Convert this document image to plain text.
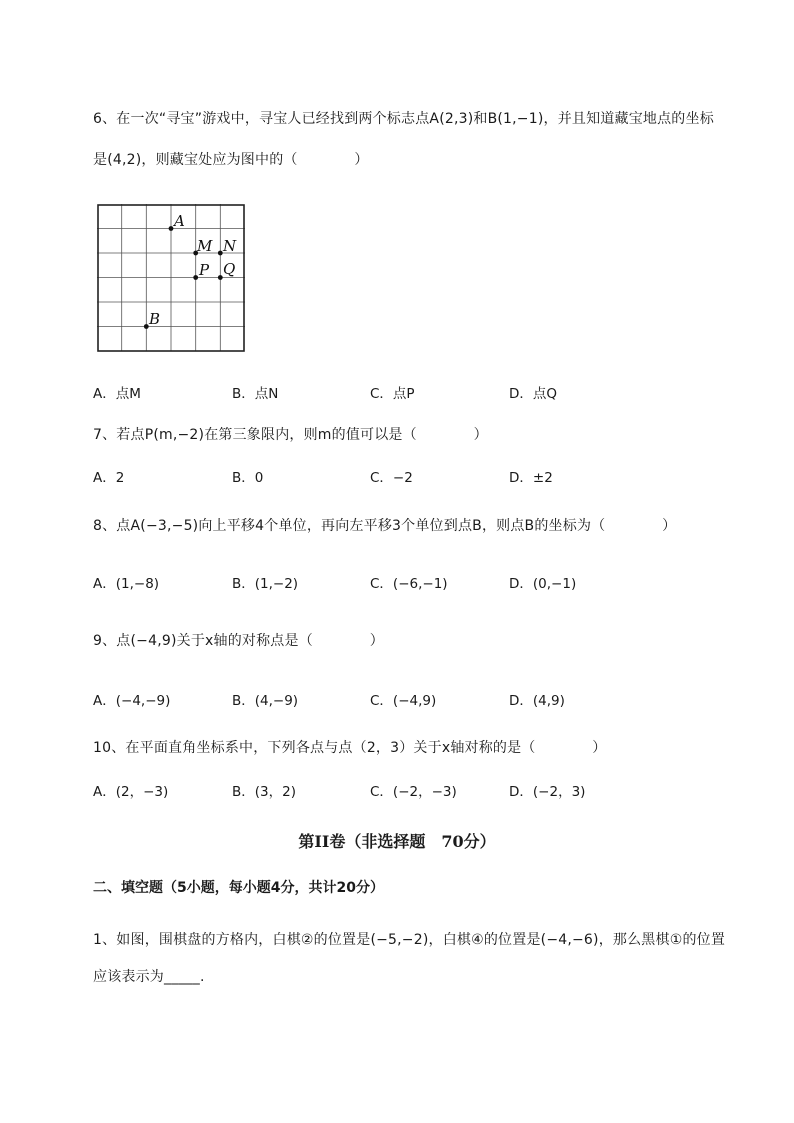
6、在一次“寻宝”游戏中，寻宝人已经找到两个标志点A(2,3)和B(1,−1)，并且知道藏宝地点的坐标
是(4,2)，则藏宝处应为图中的（　　　　）
A
M N
P Q
B
A．点M	B．点N	C．点P	D．点Q
7、若点P(m,−2)在第三象限内，则m的值可以是（　　　　）
A．2	B．0	C．−2	D．±2
8、点A(−3,−5)向上平移4个单位，再向左平移3个单位到点B，则点B的坐标为（　　　　）
A．(1,−8)	B．(1,−2)	C．(−6,−1)	D．(0,−1)
9、点(−4,9)关于x轴的对称点是（　　　　）
A．(−4,−9)	B．(4,−9)	C．(−4,9)	D．(4,9)
10、在平面直角坐标系中，下列各点与点（2，3）关于x轴对称的是（　　　　）
A．(2，−3)	B．(3，2)	C．(−2，−3)	D．(−2，3)
第II卷（非选择题　70分）
二、填空题（5小题，每小题4分，共计20分）
1、如图，围棋盘的方格内，白棋②的位置是(−5,−2)，白棋④的位置是(−4,−6)，那么黑棋①的位置
应该表示为_____.
